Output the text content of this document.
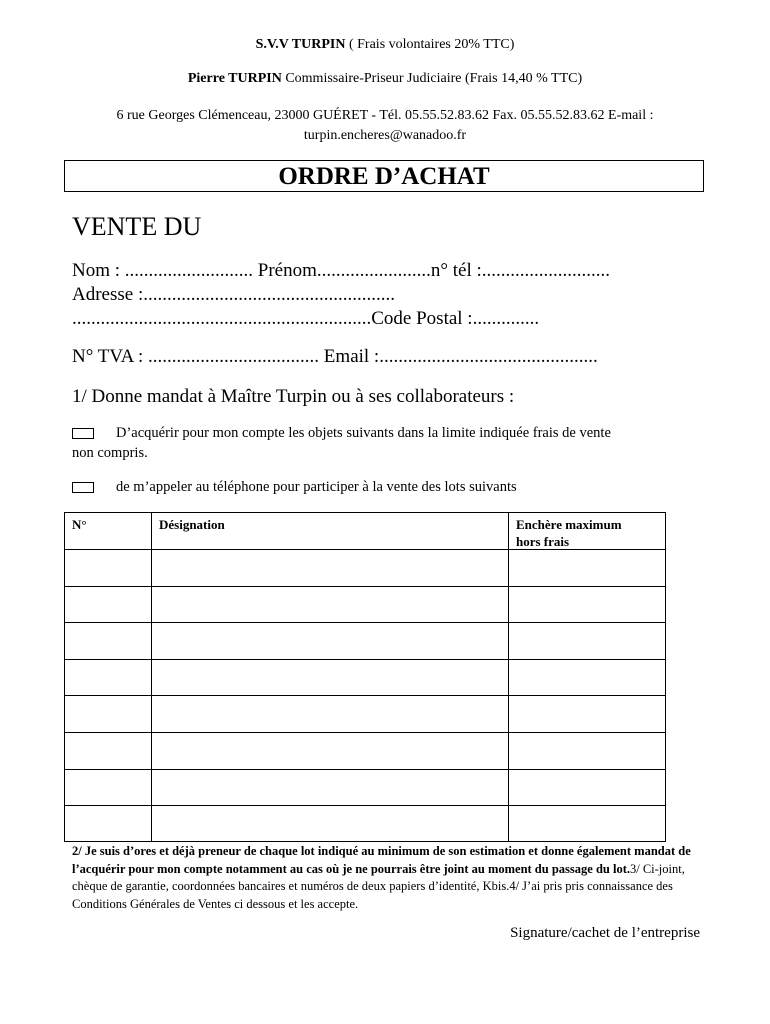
S.V.V TURPIN ( Frais volontaires 20% TTC)
Pierre TURPIN Commissaire-Priseur Judiciaire (Frais 14,40 % TTC)
6 rue Georges Clémenceau, 23000 GUÉRET - Tél. 05.55.52.83.62 Fax. 05.55.52.83.62 E-mail : turpin.encheres@wanadoo.fr
ORDRE D’ACHAT
VENTE DU
Nom : ........................... Prénom........................n° tél :...........................
Adresse :.....................................................
...............................................................Code Postal :..............
N° TVA : .................................... Email :..............................................
1/ Donne mandat à Maître Turpin ou à ses collaborateurs :
D’acquérir pour mon compte les objets suivants dans la limite indiquée frais de vente
non compris.
de m’appeler au téléphone pour participer à la vente des lots suivants
N°	Désignation	Enchère maximum
hors frais
2/ Je suis d’ores et déjà preneur de chaque lot indiqué au minimum de son estimation et donne également mandat de l’acquérir pour mon compte notamment au cas où je ne pourrais être joint au moment du passage du lot.3/ Ci-joint, chèque de garantie, coordonnées bancaires et numéros de deux papiers d’identité, Kbis.4/ J’ai pris pris connaissance des Conditions Générales de Ventes ci dessous et les accepte.
Signature/cachet de l’entreprise
